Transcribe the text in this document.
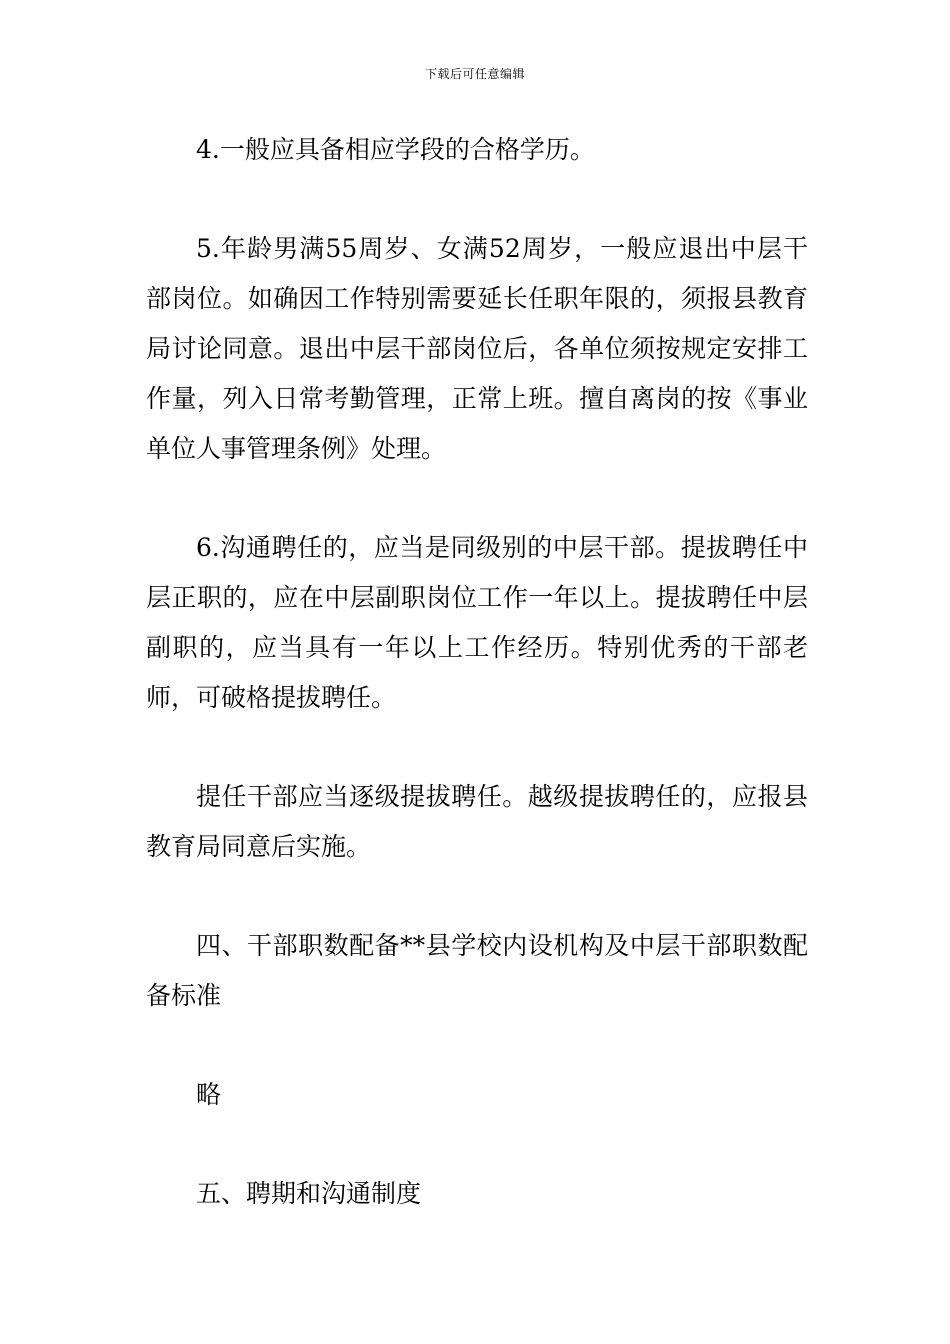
下载后可任意编辑

4.一般应具备相应学段的合格学历。

5.年龄男满55周岁、女满52周岁，一般应退出中层干部岗位。如确因工作特别需要延长任职年限的，须报县教育局讨论同意。退出中层干部岗位后，各单位须按规定安排工作量，列入日常考勤管理，正常上班。擅自离岗的按《事业单位人事管理条例》处理。

6.沟通聘任的，应当是同级别的中层干部。提拔聘任中层正职的，应在中层副职岗位工作一年以上。提拔聘任中层副职的，应当具有一年以上工作经历。特别优秀的干部老师，可破格提拔聘任。

提任干部应当逐级提拔聘任。越级提拔聘任的，应报县教育局同意后实施。

四、干部职数配备**县学校内设机构及中层干部职数配备标准

略

五、聘期和沟通制度
